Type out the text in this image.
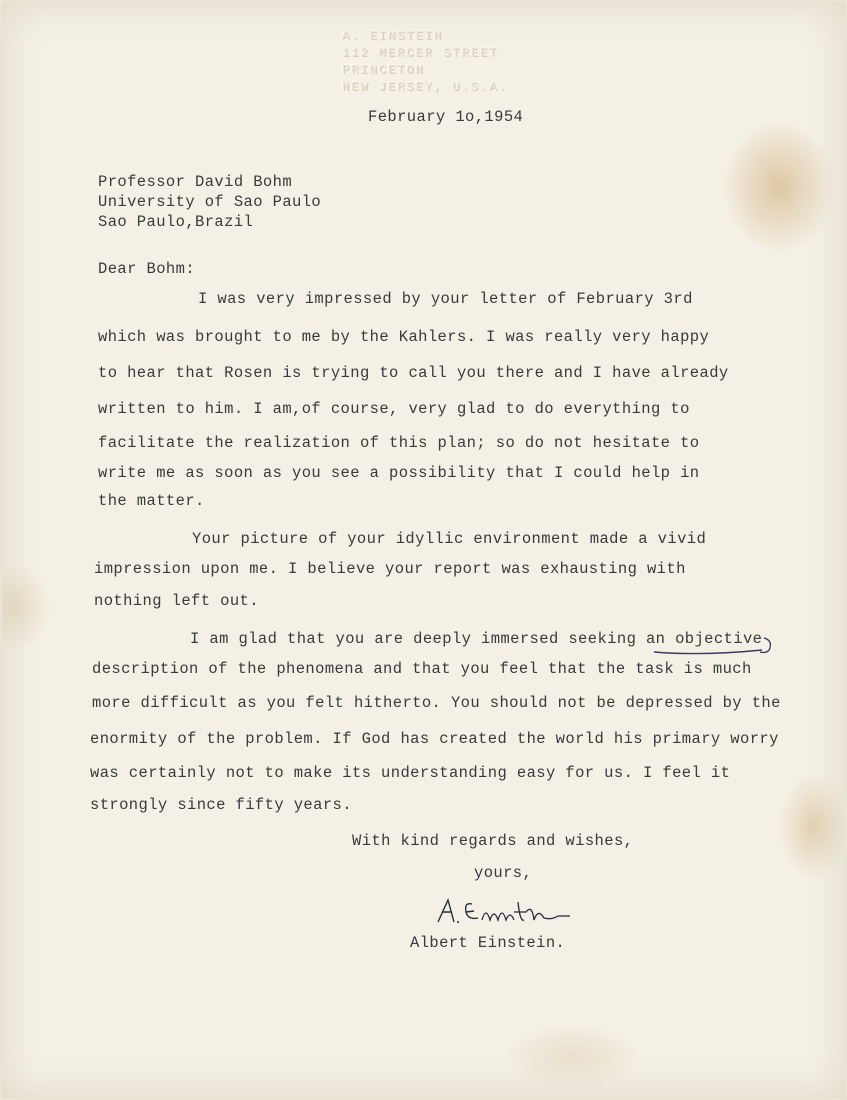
A. EINSTEIN
112 MERCER STREET
PRINCETON
NEW JERSEY, U.S.A.
February 1o,1954
Professor David Bohm
University of Sao Paulo
Sao Paulo,Brazil
Dear Bohm:
I was very impressed by your letter of February 3rd
which was brought to me by the Kahlers. I was really very happy
to hear that Rosen is trying to call you there and I have already
written to him. I am,of course, very glad to do everything to
facilitate the realization of this plan; so do not hesitate to
write me as soon as you see a possibility that I could help in
the matter.
Your picture of your idyllic environment made a vivid
impression upon me. I believe your report was exhausting with
nothing left out.
I am glad that you are deeply immersed seeking an objective
description of the phenomena and that you feel that the task is much
more difficult as you felt hitherto. You should not be depressed by the
enormity of the problem. If God has created the world his primary worry
was certainly not to make its understanding easy for us. I feel it
strongly since fifty years.
With kind regards and wishes,
yours,
Albert Einstein.
